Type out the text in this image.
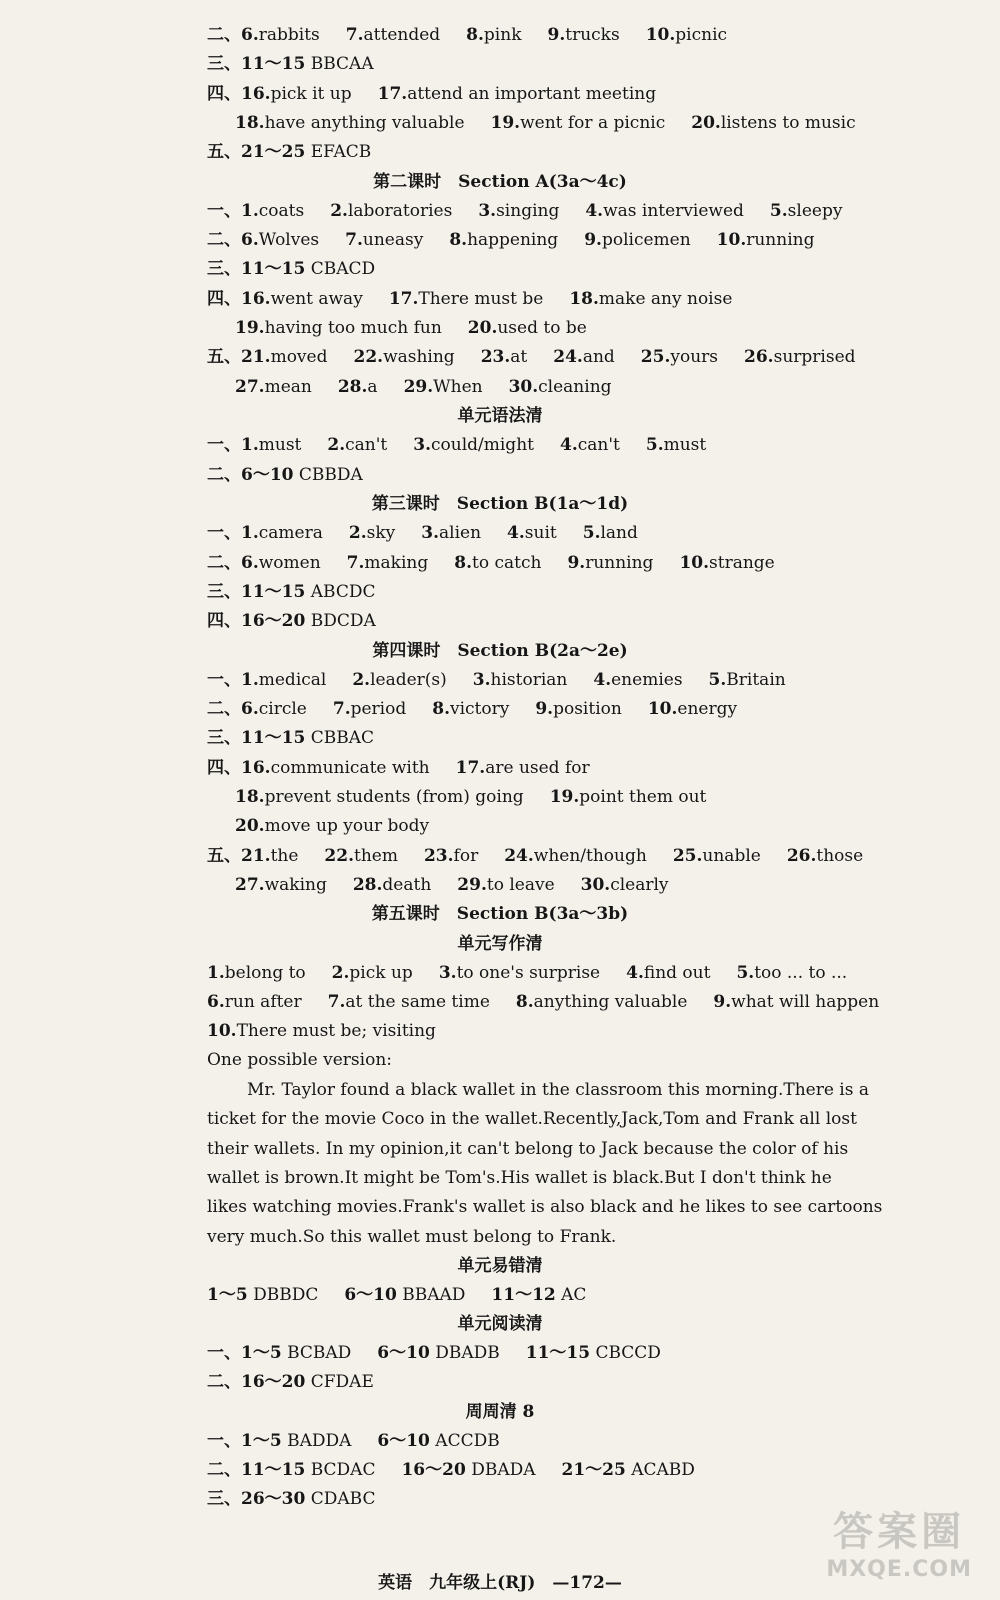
二、6.rabbits 7.attended 8.pink 9.trucks 10.picnic
三、11～15 BBCAA
四、16.pick it up 17.attend an important meeting
18.have anything valuable 19.went for a picnic 20.listens to music
五、21～25 EFACB
第二课时　Section A(3a～4c)
一、1.coats 2.laboratories 3.singing 4.was interviewed 5.sleepy
二、6.Wolves 7.uneasy 8.happening 9.policemen 10.running
三、11～15 CBACD
四、16.went away 17.There must be 18.make any noise
19.having too much fun 20.used to be
五、21.moved 22.washing 23.at 24.and 25.yours 26.surprised
27.mean 28.a 29.When 30.cleaning
单元语法清
一、1.must 2.can't 3.could/might 4.can't 5.must
二、6～10 CBBDA
第三课时　Section B(1a～1d)
一、1.camera 2.sky 3.alien 4.suit 5.land
二、6.women 7.making 8.to catch 9.running 10.strange
三、11～15 ABCDC
四、16～20 BDCDA
第四课时　Section B(2a～2e)
一、1.medical 2.leader(s) 3.historian 4.enemies 5.Britain
二、6.circle 7.period 8.victory 9.position 10.energy
三、11～15 CBBAC
四、16.communicate with 17.are used for
18.prevent students (from) going 19.point them out
20.move up your body
五、21.the 22.them 23.for 24.when/though 25.unable 26.those
27.waking 28.death 29.to leave 30.clearly
第五课时　Section B(3a～3b)
单元写作清
1.belong to 2.pick up 3.to one's surprise 4.find out 5.too ... to ...
6.run after 7.at the same time 8.anything valuable 9.what will happen
10.There must be; visiting
One possible version:
Mr. Taylor found a black wallet in the classroom this morning.There is a
ticket for the movie Coco in the wallet.Recently,Jack,Tom and Frank all lost
their wallets. In my opinion,it can't belong to Jack because the color of his
wallet is brown.It might be Tom's.His wallet is black.But I don't think he
likes watching movies.Frank's wallet is also black and he likes to see cartoons
very much.So this wallet must belong to Frank.
单元易错清
1～5 DBBDC 6～10 BBAAD 11～12 AC
单元阅读清
一、1～5 BCBAD 6～10 DBADB 11～15 CBCCD
二、16～20 CFDAE
周周清 8
一、1～5 BADDA 6～10 ACCDB
二、11～15 BCDAC 16～20 DBADA 21～25 ACABD
三、26～30 CDABC
英语　九年级上(RJ)　—172—
答案圈
MXQE.COM
